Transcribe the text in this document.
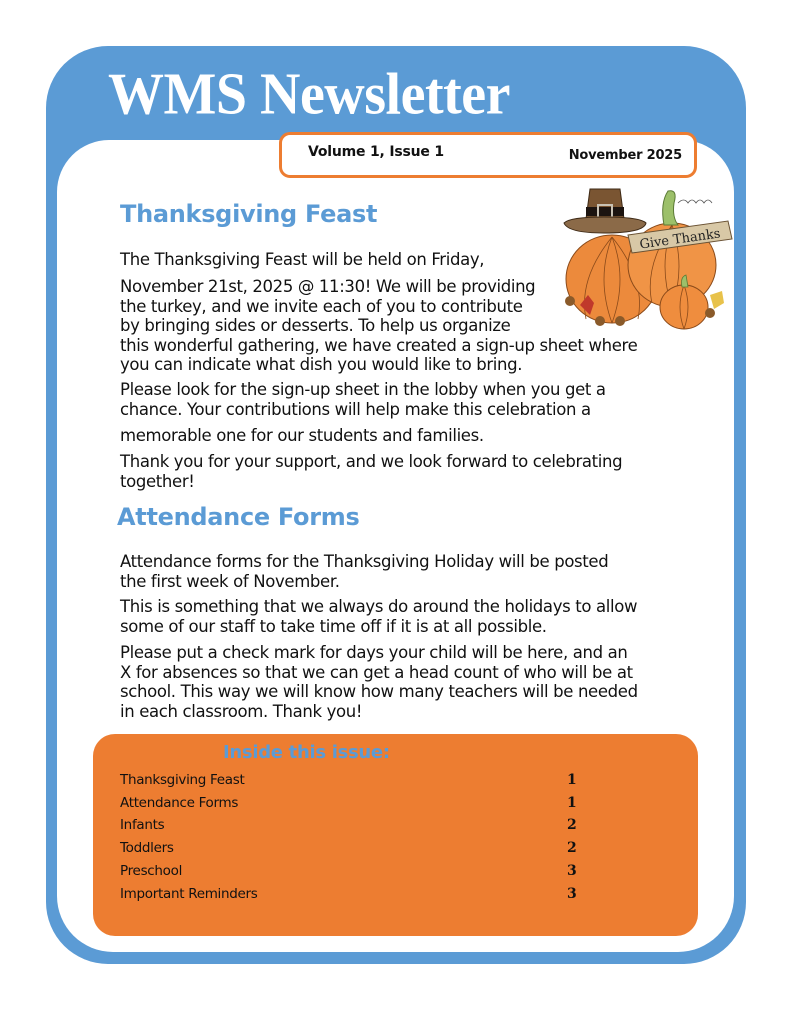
WMS Newsletter
Volume 1, Issue 1	November 2025
Thanksgiving Feast

The Thanksgiving Feast will be held on Friday,

November 21st, 2025 @ 11:30! We will be providing

the turkey, and we invite each of you to contribute

by bringing sides or desserts. To help us organize

this wonderful gathering, we have created a sign-up sheet where

you can indicate what dish you would like to bring.

Please look for the sign-up sheet in the lobby when you get a

chance. Your contributions will help make this celebration a

memorable one for our students and families.

Thank you for your support, and we look forward to celebrating

together!

Give Thanks
Attendance Forms

Attendance forms for the Thanksgiving Holiday will be posted

the first week of November.

This is something that we always do around the holidays to allow

some of our staff to take time off if it is at all possible.

Please put a check mark for days your child will be here, and an

X for absences so that we can get a head count of who will be at

school. This way we will know how many teachers will be needed

in each classroom. Thank you!

Inside this issue:
Thanksgiving Feast	1
Attendance Forms	1
Infants	2
Toddlers	2
Preschool	3
Important Reminders	3
